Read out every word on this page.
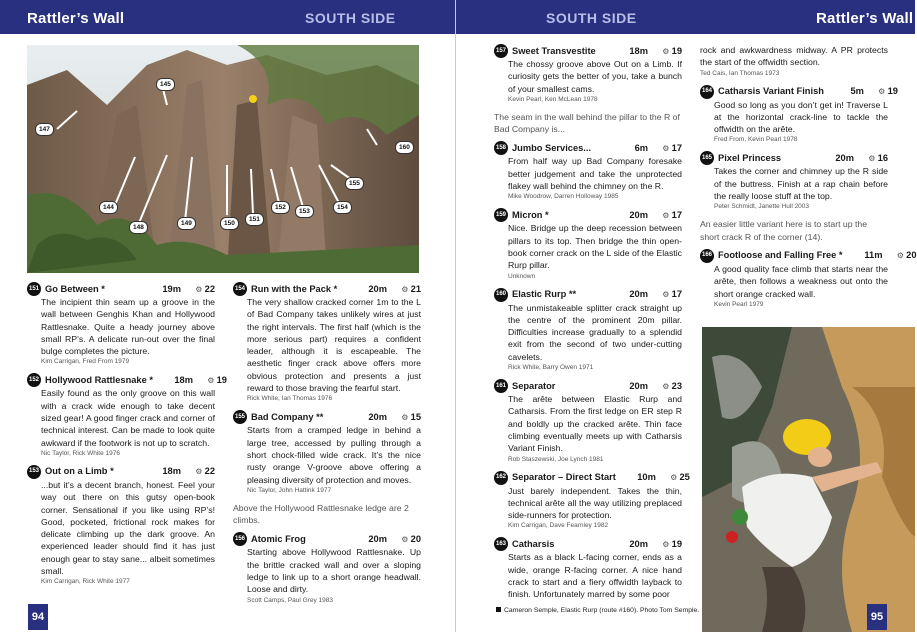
Rattler’s Wall	SOUTH SIDE
145
147
144
148
149	150
151
152
153
154
155
160
151 Go Between *	19m	⚙ 22
The incipient thin seam up a groove in the wall between Genghis Khan and Hollywood Rattlesnake. Quite a heady journey above small RP’s. A delicate run-out over the final bulge completes the picture.
Kim Carrigan, Fred From 1979
152 Hollywood Rattlesnake *	18m	⚙ 19
Easily found as the only groove on this wall with a crack wide enough to take decent sized gear! A good finger crack and corner of technical interest. Can be made to look quite awkward if the footwork is not up to scratch.
Nic Taylor, Rick White 1976
153 Out on a Limb *	18m	⚙ 22
...but it’s a decent branch, honest. Feel your way out there on this gutsy open-book corner. Sensational if you like using RP’s! Good, pocketed, frictional rock makes for delicate climbing up the dark groove. An experienced leader should find it has just enough gear to stay sane... albeit sometimes small.
Kim Carrigan, Rick White 1977
154 Run with the Pack *	20m	⚙ 21
The very shallow cracked corner 1m to the L of Bad Company takes unlikely wires at just the right intervals. The first half (which is the more serious part) requires a confident leader, although it is escapeable. The aesthetic finger crack above offers more obvious protection and presents a just reward to those braving the fearful start.
Rick White, Ian Thomas 1976
155 Bad Company **	20m	⚙ 15
Starts from a cramped ledge in behind a large tree, accessed by pulling through a short chock-filled wide crack. It’s the nice rusty orange V-groove above offering a pleasing diversity of protection and moves.
Nic Taylor, John Hattink 1977
Above the Hollywood Rattlesnake ledge are 2 climbs.
156 Atomic Frog	20m	⚙ 20
Starting above Hollywood Rattlesnake. Up the brittle cracked wall and over a sloping ledge to link up to a short orange headwall. Loose and dirty.
Scott Camps, Paul Grey 1983
94
SOUTH SIDE	Rattler’s Wall
157 Sweet Transvestite	18m	⚙ 19
The chossy groove above Out on a Limb. If curiosity gets the better of you, take a bunch of your smallest cams.
Kevin Pearl, Ken McLean 1978
The seam in the wall behind the pillar to the R of Bad Company is...
158 Jumbo Services...	6m	⚙ 17
From half way up Bad Company foresake better judgement and take the unprotected flakey wall behind the chimney on the R.
Mike Woodrow, Darren Holloway 1985
159 Micron *	20m	⚙ 17
Nice. Bridge up the deep recession between pillars to its top. Then bridge the thin open-book corner crack on the L side of the Elastic Rurp pillar.
Unknown
160 Elastic Rurp **	20m	⚙ 17
The unmistakeable splitter crack straight up the centre of the prominent 20m pillar. Difficulties increase gradually to a splendid exit from the second of two under-cutting cavelets.
Rick White, Barry Owen 1971
161 Separator	20m	⚙ 23
The arête between Elastic Rurp and Catharsis. From the first ledge on ER step R and boldly up the cracked arête. Thin face climbing eventually meets up with Catharsis Variant Finish.
Rob Staszewski, Joe Lynch 1981
162 Separator – Direct Start	10m	⚙ 25
Just barely independent. Takes the thin, technical arête all the way utilizing preplaced side-runners for protection.
Kim Carrigan, Dave Fearnley 1982
163 Catharsis	20m	⚙ 19
Starts as a black L-facing corner, ends as a wide, orange R-facing corner. A nice hand crack to start and a fiery offwidth layback to finish. Unfortunately marred by some poor
rock and awkwardness midway. A PR protects the start of the offwidth section.
Ted Cais, Ian Thomas 1973
164 Catharsis Variant Finish	5m	⚙ 19
Good so long as you don’t get in! Traverse L at the horizontal crack-line to tackle the offwidth on the arête.
Fred From, Kevin Pearl 1978
165 Pixel Princess	20m	⚙ 16
Takes the corner and chimney up the R side of the buttress. Finish at a rap chain before the really loose stuff at the top.
Peter Schmidt, Janette Hull 2003
An easier little variant here is to start up the short crack R of the corner (14).
166 Footloose and Falling Free *	11m	⚙ 20
A good quality face climb that starts near the arête, then follows a weakness out onto the short orange cracked wall.
Kevin Pearl 1979
Cameron Semple, Elastic Rurp (route #160). Photo Tom Semple.
95
